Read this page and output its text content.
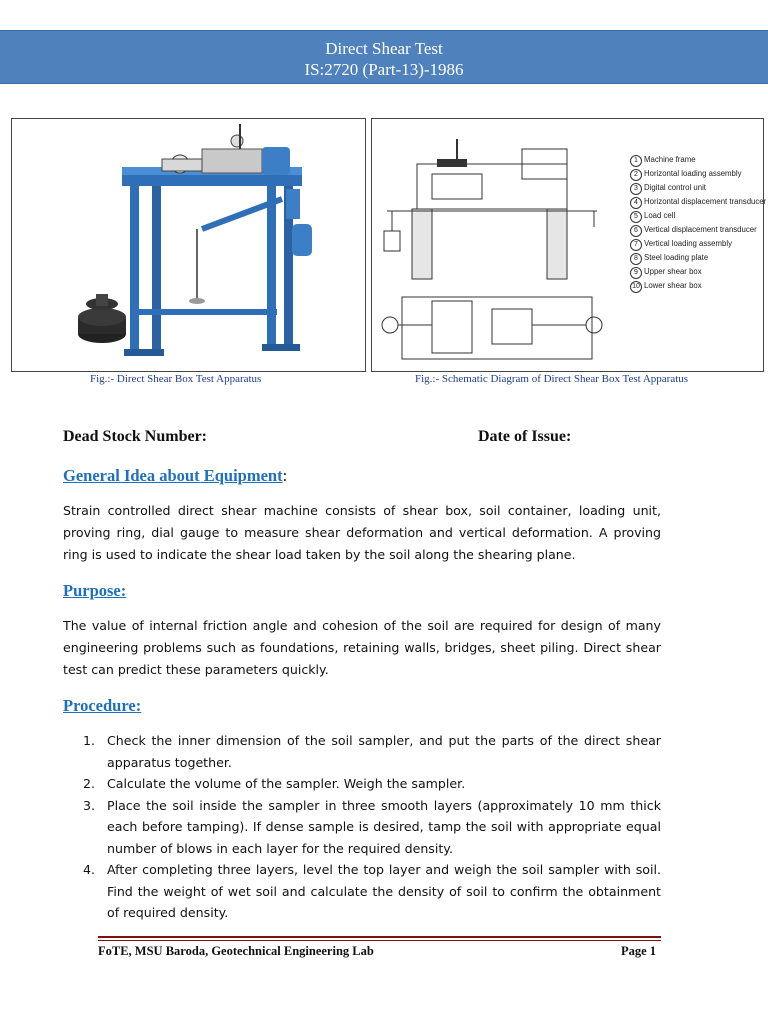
Direct Shear Test
IS:2720 (Part-13)-1986
1 Machine frame
2 Horizontal loading assembly
3 Digital control unit
4 Horizontal displacement transducer
5 Load cell
6 Vertical displacement transducer
7 Vertical loading assembly
8 Steel loading plate
9 Upper shear box
10 Lower shear box
Fig.:- Direct Shear Box Test Apparatus	Fig.:- Schematic Diagram of Direct Shear Box Test Apparatus
Dead Stock Number:	Date of Issue:
General Idea about Equipment:
Strain controlled direct shear machine consists of shear box, soil container, loading unit, proving ring, dial gauge to measure shear deformation and vertical deformation. A proving ring is used to indicate the shear load taken by the soil along the shearing plane.
Purpose:
The value of internal friction angle and cohesion of the soil are required for design of many engineering problems such as foundations, retaining walls, bridges, sheet piling. Direct shear test can predict these parameters quickly.
Procedure:
1. Check the inner dimension of the soil sampler, and put the parts of the direct shear apparatus together.
2. Calculate the volume of the sampler. Weigh the sampler.
3. Place the soil inside the sampler in three smooth layers (approximately 10 mm thick each before tamping). If dense sample is desired, tamp the soil with appropriate equal number of blows in each layer for the required density.
4. After completing three layers, level the top layer and weigh the soil sampler with soil. Find the weight of wet soil and calculate the density of soil to confirm the obtainment of required density.
FoTE, MSU Baroda, Geotechnical Engineering Lab	Page 1
